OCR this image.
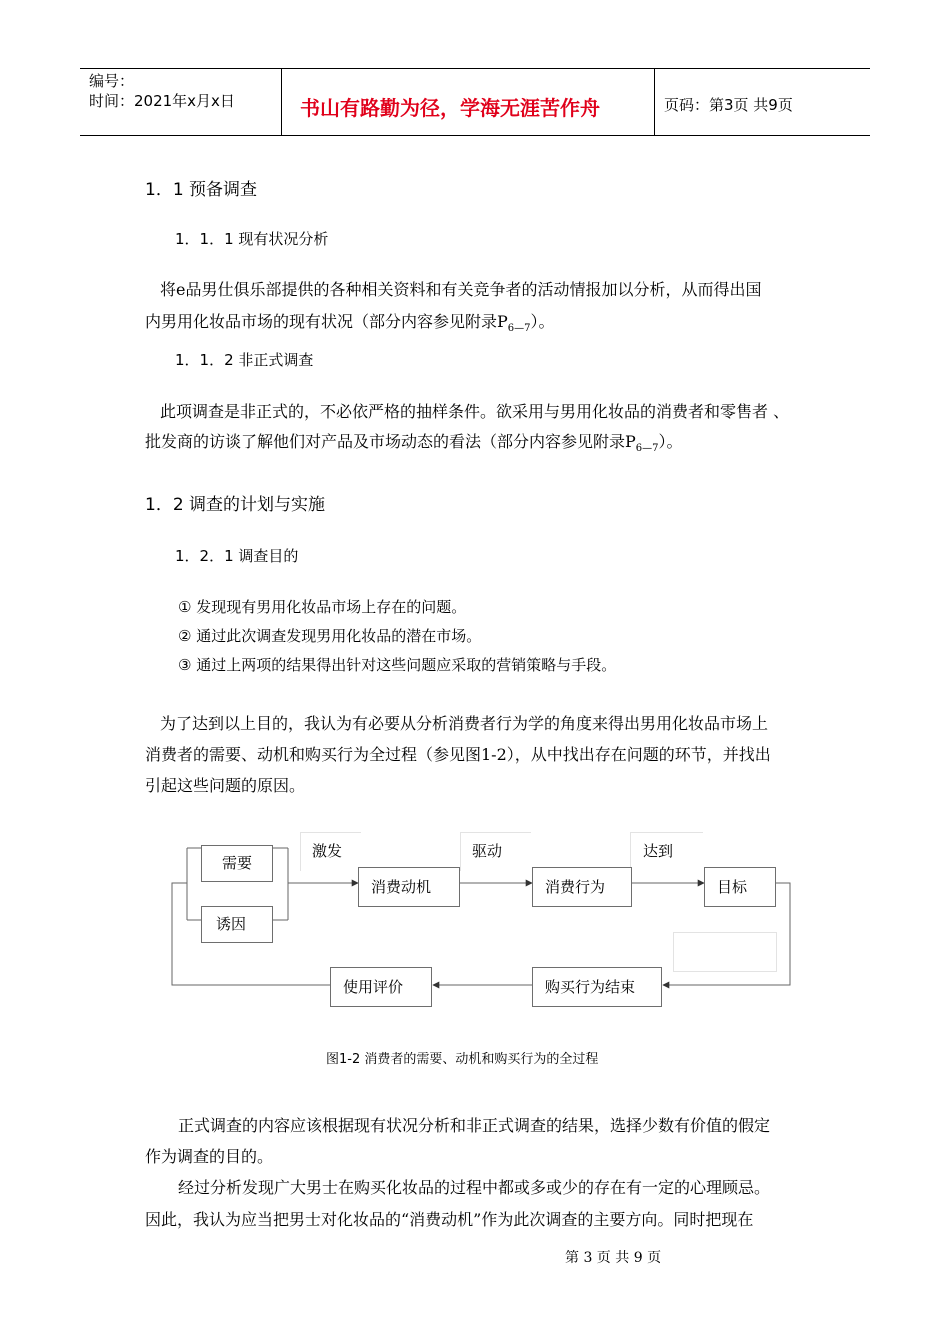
编号：
时间：2021年x月x日	书山有路勤为径，学海无涯苦作舟	页码：第3页 共9页
1．1 预备调查
1．1．1 现有状况分析
将e品男仕俱乐部提供的各种相关资料和有关竞争者的活动情报加以分析，从而得出国
内男用化妆品市场的现有状况（部分内容参见附录$P_{6—7}$）。
1．1．2 非正式调查
此项调查是非正式的，不必依严格的抽样条件。欲采用与男用化妆品的消费者和零售者 、
批发商的访谈了解他们对产品及市场动态的看法（部分内容参见附录$P_{6—7}$）。
1．2 调查的计划与实施
1．2．1 调查目的
① 发现现有男用化妆品市场上存在的问题。
② 通过此次调查发现男用化妆品的潜在市场。
③ 通过上两项的结果得出针对这些问题应采取的营销策略与手段。
为了达到以上目的，我认为有必要从分析消费者行为学的角度来得出男用化妆品市场上
消费者的需要、动机和购买行为全过程（参见图1-2），从中找出存在问题的环节，并找出
引起这些问题的原因。
激发	驱动	达到
需要
诱因
消费动机	消费行为	目标
购买行为结束
使用评价
图1-2 消费者的需要、动机和购买行为的全过程
正式调查的内容应该根据现有状况分析和非正式调查的结果，选择少数有价值的假定
作为调查的目的。
经过分析发现广大男士在购买化妆品的过程中都或多或少的存在有一定的心理顾忌。
因此，我认为应当把男士对化妆品的“消费动机”作为此次调查的主要方向。同时把现在
第 3 页 共 9 页
